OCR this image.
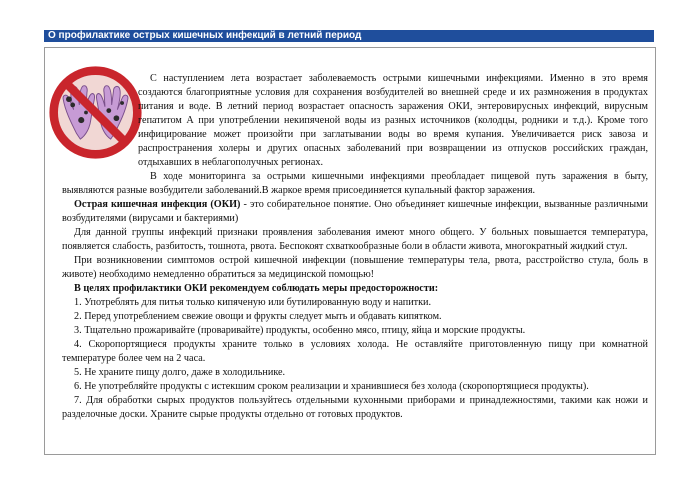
О профилактике острых кишечных инфекций в летний период

С наступлением лета возрастает заболеваемость острыми кишечными инфекциями. Именно в это время создаются благоприятные условия для сохранения возбудителей во внешней среде и их размножения в продуктах питания и воде. В летний период возрастает опасность заражения ОКИ, энтеровирусных инфекций, вирусным гепатитом А при употреблении некипяченой воды из разных источников (колодцы, родники и т.д.). Кроме того инфицирование может произойти при заглатывании воды во время купания. Увеличивается риск завоза и распространения холеры и других опасных заболеваний при возвращении из отпусков российских граждан, отдыхавших в неблагополучных регионах.

В ходе мониторинга за острыми кишечными инфекциями преобладает пищевой путь заражения в быту, выявляются разные возбудители заболеваний.В жаркое время присоединяется купальный фактор заражения.

Острая кишечная инфекция (ОКИ) - это собирательное понятие. Оно объединяет кишечные инфекции, вызванные различными возбудителями (вирусами и бактериями)

Для данной группы инфекций признаки проявления заболевания имеют много общего. У больных повышается температура, появляется слабость, разбитость, тошнота, рвота. Беспокоят схваткообразные боли в области живота, многократный жидкий стул.

При возникновении симптомов острой кишечной инфекции (повышение температуры тела, рвота, расстройство стула, боль в животе) необходимо немедленно обратиться за медицинской помощью!

В целях профилактики ОКИ рекомендуем соблюдать меры предосторожности:

1. Употреблять для питья только кипяченую или бутилированную воду и напитки.

2. Перед употреблением свежие овощи и фрукты следует мыть и обдавать кипятком.

3. Тщательно прожаривайте (проваривайте) продукты, особенно мясо, птицу, яйца и морские продукты.

4. Скоропортящиеся продукты храните только в условиях холода. Не оставляйте приготовленную пищу при комнатной температуре более чем на 2 часа.

5. Не храните пищу долго, даже в холодильнике.

6. Не употребляйте продукты с истекшим сроком реализации и хранившиеся без холода (скоропортящиеся продукты).

7. Для обработки сырых продуктов пользуйтесь отдельными кухонными приборами и принадлежностями, такими как ножи и разделочные доски. Храните сырые продукты отдельно от готовых продуктов.
